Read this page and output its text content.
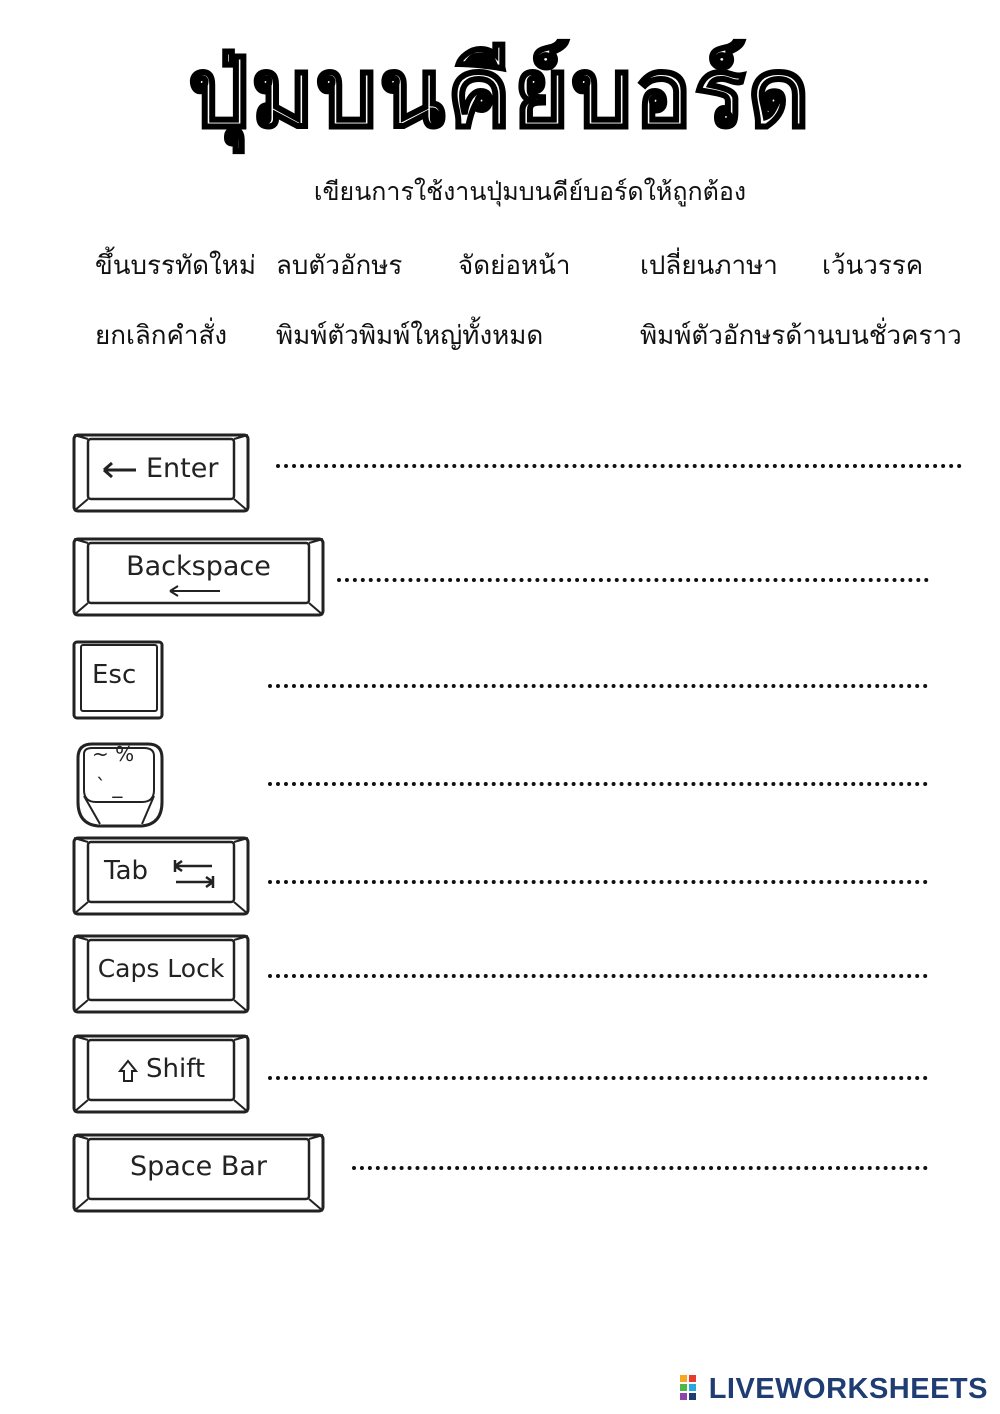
ปุ่มบนคีย์บอร์ด
เขียนการใช้งานปุ่มบนคีย์บอร์ดให้ถูกต้อง
ขึ้นบรรทัดใหม่ ลบตัวอักษร จัดย่อหน้า	เปลี่ยนภาษา เว้นวรรค
ยกเลิกคำสั่ง พิมพ์ตัวพิมพ์ใหญ่ทั้งหมด	พิมพ์ตัวอักษรด้านบนชั่วคราว
Enter
Backspace
Esc
~ %
` _
Tab
Caps Lock
Shift
Space Bar
LIVEWORKSHEETS
